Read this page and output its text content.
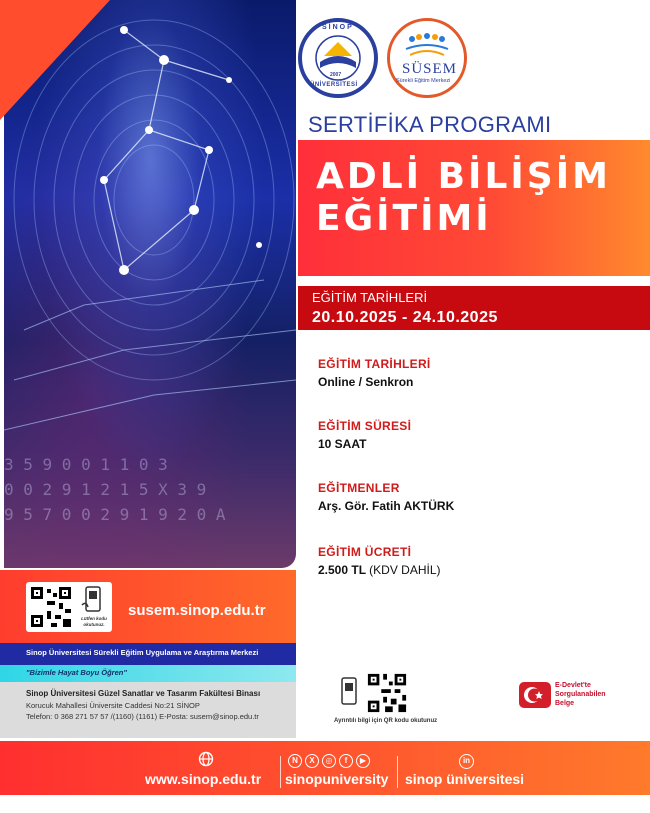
3 5 9 0 0 1 1 0 3
0 0 2 9 1 2 1 5 X 3 9
9 5 7 0 0 2 9 1 9 2 0 A
SİNOP
2007
ÜNİVERSİTESİ
SÜSEM
Sürekli Eğitim Merkezi
SERTİFİKA PROGRAMI
ADLİ BİLİŞİM
EĞİTİMİ
EĞİTİM TARİHLERİ
20.10.2025 - 24.10.2025
EĞİTİM TARİHLERİ
Online / Senkron
EĞİTİM SÜRESİ
10 SAAT
EĞİTMENLER
Arş. Gör. Fatih AKTÜRK
EĞİTİM ÜCRETİ
2.500 TL (KDV DAHİL)
Lütfen kodu okutunuz.
susem.sinop.edu.tr
Sinop Üniversitesi Sürekli Eğitim Uygulama ve Araştırma Merkezi
"Bizimle Hayat Boyu Öğren"
Sinop Üniversitesi Güzel Sanatlar ve Tasarım Fakültesi Binası
Korucuk Mahallesi Üniversite Caddesi No:21 SİNOP
Telefon: 0 368 271 57 57 /(1160) (1161) E-Posta: susem@sinop.edu.tr	Ayrıntılı bilgi için QR kodu okutunuz
E-Devlet'te
Sorgulanabilen
Belge
www.sinop.edu.tr
N X ◎ f ▶
sinopuniversity
in
sinop üniversitesi
